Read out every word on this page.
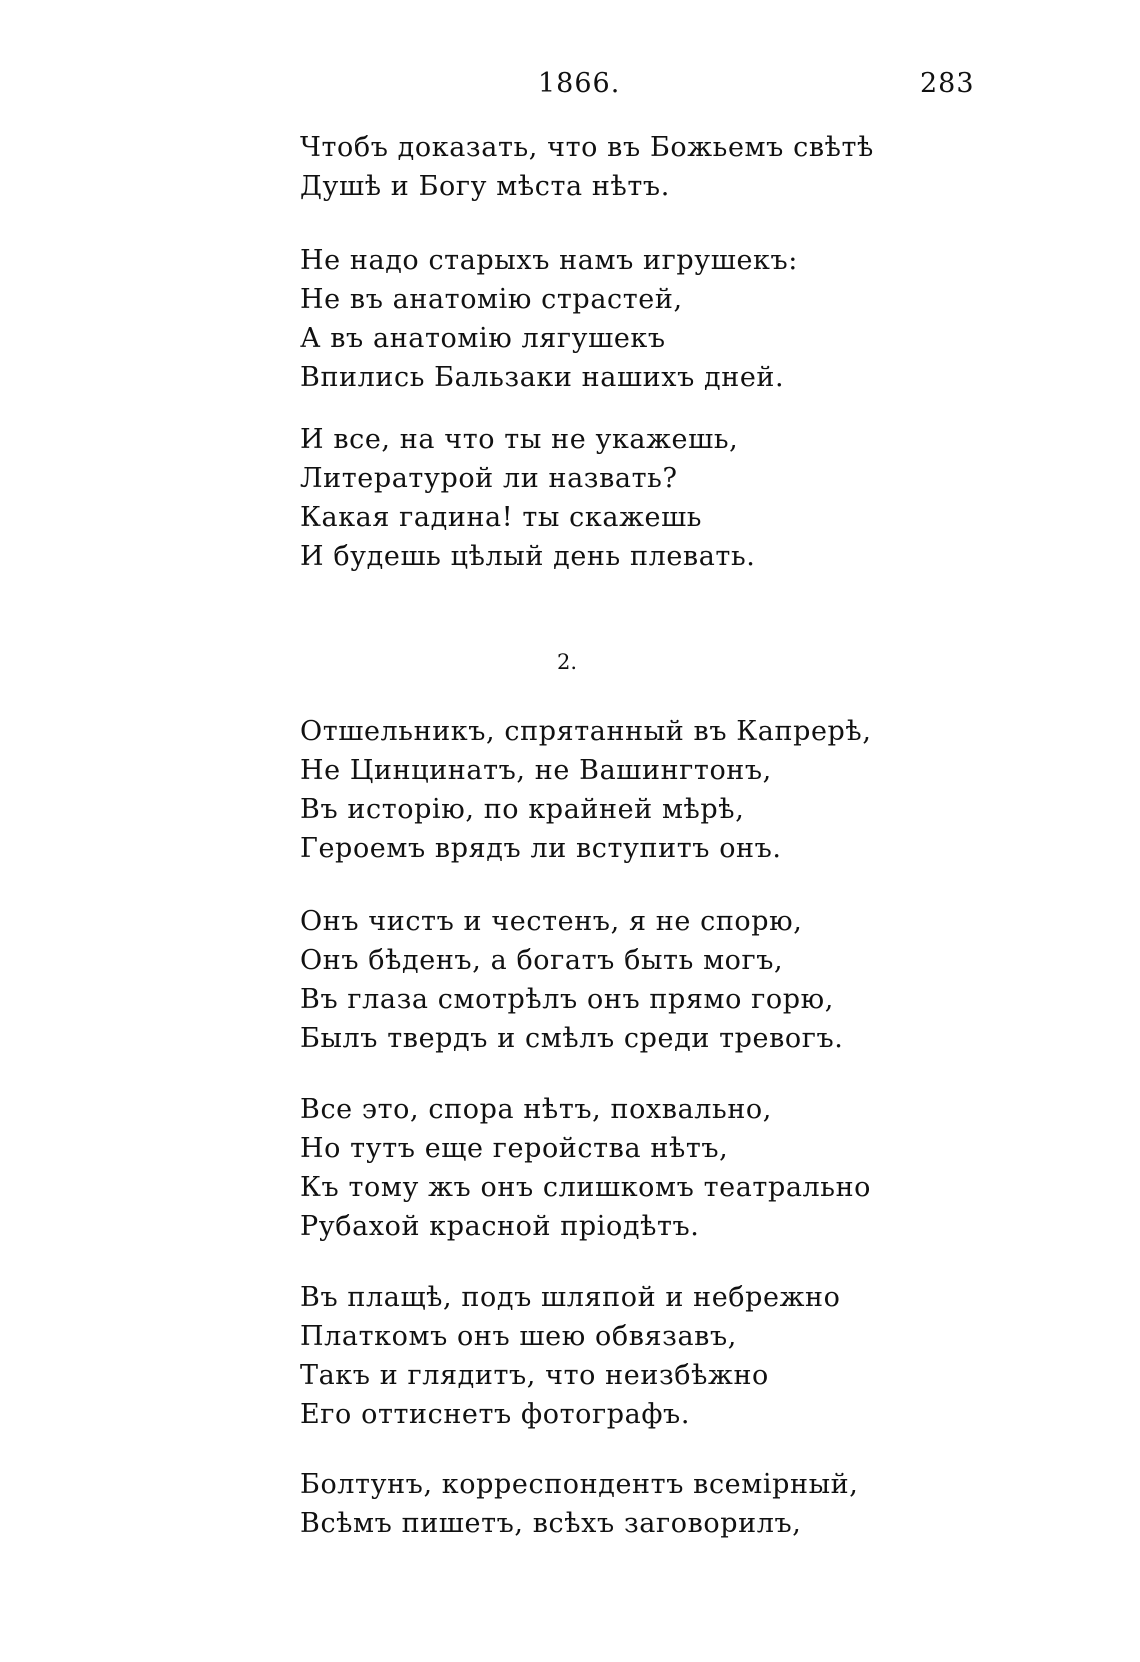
1866.	283
Чтобъ доказать, что въ Божьемъ свѣтѣ
Душѣ и Богу мѣста нѣтъ.
Не надо старыхъ намъ игрушекъ:
Не въ анатомію страстей,
А въ анатомію лягушекъ
Впились Бальзаки нашихъ дней.
И все, на что ты не укажешь,
Литературой ли назвать?
Какая гадина! ты скажешь
И будешь цѣлый день плевать.
2.
Отшельникъ, спрятанный въ Капрерѣ,
Не Цинцинатъ, не Вашингтонъ,
Въ исторію, по крайней мѣрѣ,
Героемъ врядъ ли вступитъ онъ.
Онъ чистъ и честенъ, я не спорю,
Онъ бѣденъ, а богатъ быть могъ,
Въ глаза смотрѣлъ онъ прямо горю,
Былъ твердъ и смѣлъ среди тревогъ.
Все это, спора нѣтъ, похвально,
Но тутъ еще геройства нѣтъ,
Къ тому жъ онъ слишкомъ театрально
Рубахой красной пріодѣтъ.
Въ плащѣ, подъ шляпой и небрежно
Платкомъ онъ шею обвязавъ,
Такъ и глядитъ, что неизбѣжно
Его оттиснетъ фотографъ.
Болтунъ, корреспондентъ всемірный,
Всѣмъ пишетъ, всѣхъ заговорилъ,
